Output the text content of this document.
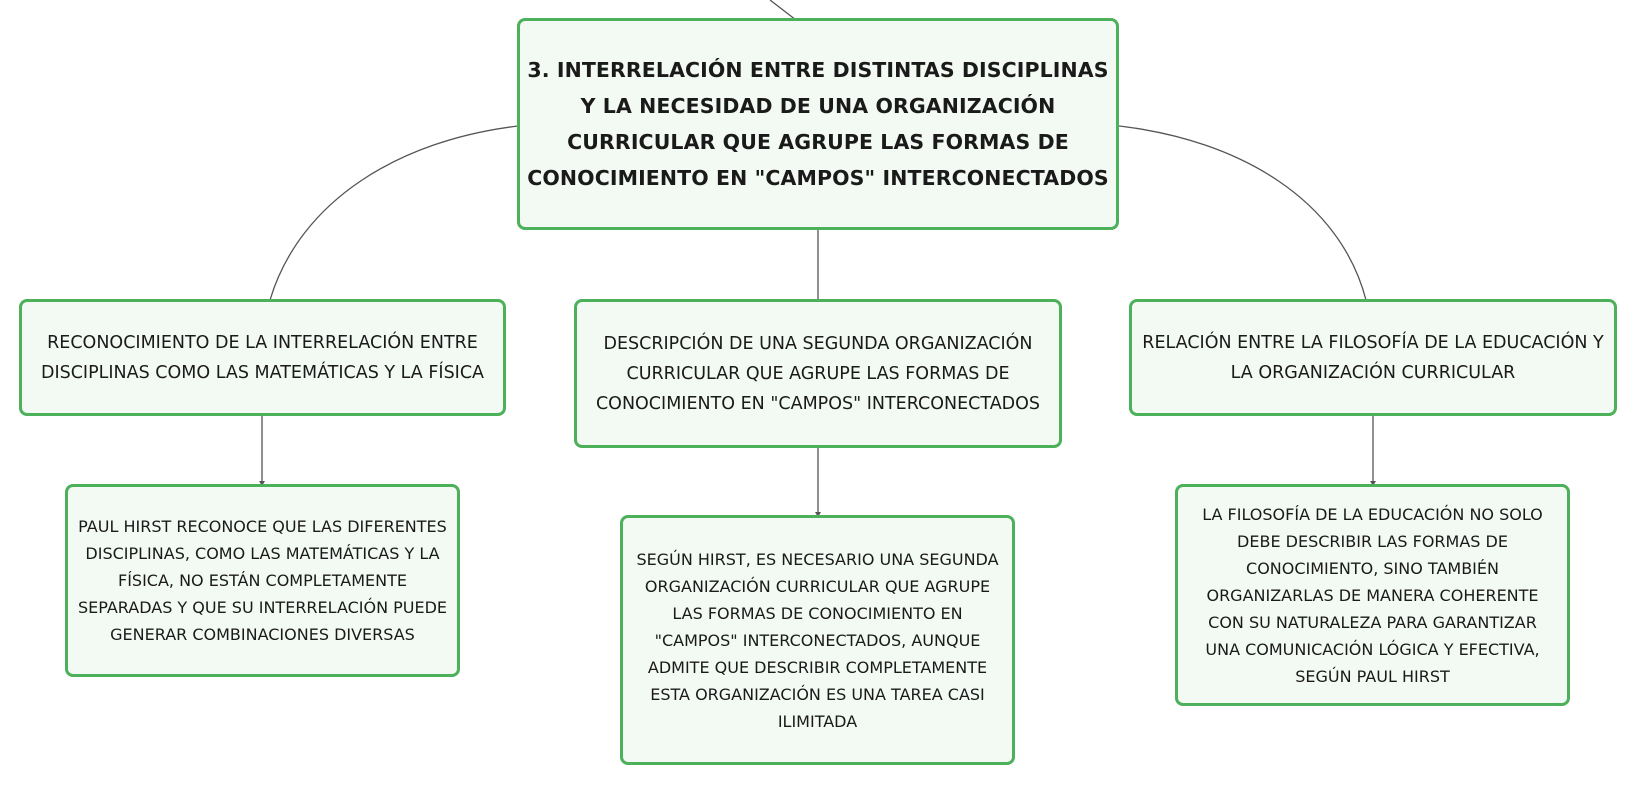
3. INTERRELACIÓN ENTRE DISTINTAS DISCIPLINAS Y LA NECESIDAD DE UNA ORGANIZACIÓN CURRICULAR QUE AGRUPE LAS FORMAS DE CONOCIMIENTO EN "CAMPOS" INTERCONECTADOS
RECONOCIMIENTO DE LA INTERRELACIÓN ENTRE DISCIPLINAS COMO LAS MATEMÁTICAS Y LA FÍSICA
DESCRIPCIÓN DE UNA SEGUNDA ORGANIZACIÓN CURRICULAR QUE AGRUPE LAS FORMAS DE CONOCIMIENTO EN "CAMPOS" INTERCONECTADOS
RELACIÓN ENTRE LA FILOSOFÍA DE LA EDUCACIÓN Y LA ORGANIZACIÓN CURRICULAR
PAUL HIRST RECONOCE QUE LAS DIFERENTES DISCIPLINAS, COMO LAS MATEMÁTICAS Y LA FÍSICA, NO ESTÁN COMPLETAMENTE SEPARADAS Y QUE SU INTERRELACIÓN PUEDE GENERAR COMBINACIONES DIVERSAS
SEGÚN HIRST, ES NECESARIO UNA SEGUNDA ORGANIZACIÓN CURRICULAR QUE AGRUPE LAS FORMAS DE CONOCIMIENTO EN "CAMPOS" INTERCONECTADOS, AUNQUE ADMITE QUE DESCRIBIR COMPLETAMENTE ESTA ORGANIZACIÓN ES UNA TAREA CASI ILIMITADA
LA FILOSOFÍA DE LA EDUCACIÓN NO SOLO DEBE DESCRIBIR LAS FORMAS DE CONOCIMIENTO, SINO TAMBIÉN ORGANIZARLAS DE MANERA COHERENTE CON SU NATURALEZA PARA GARANTIZAR UNA COMUNICACIÓN LÓGICA Y EFECTIVA, SEGÚN PAUL HIRST
